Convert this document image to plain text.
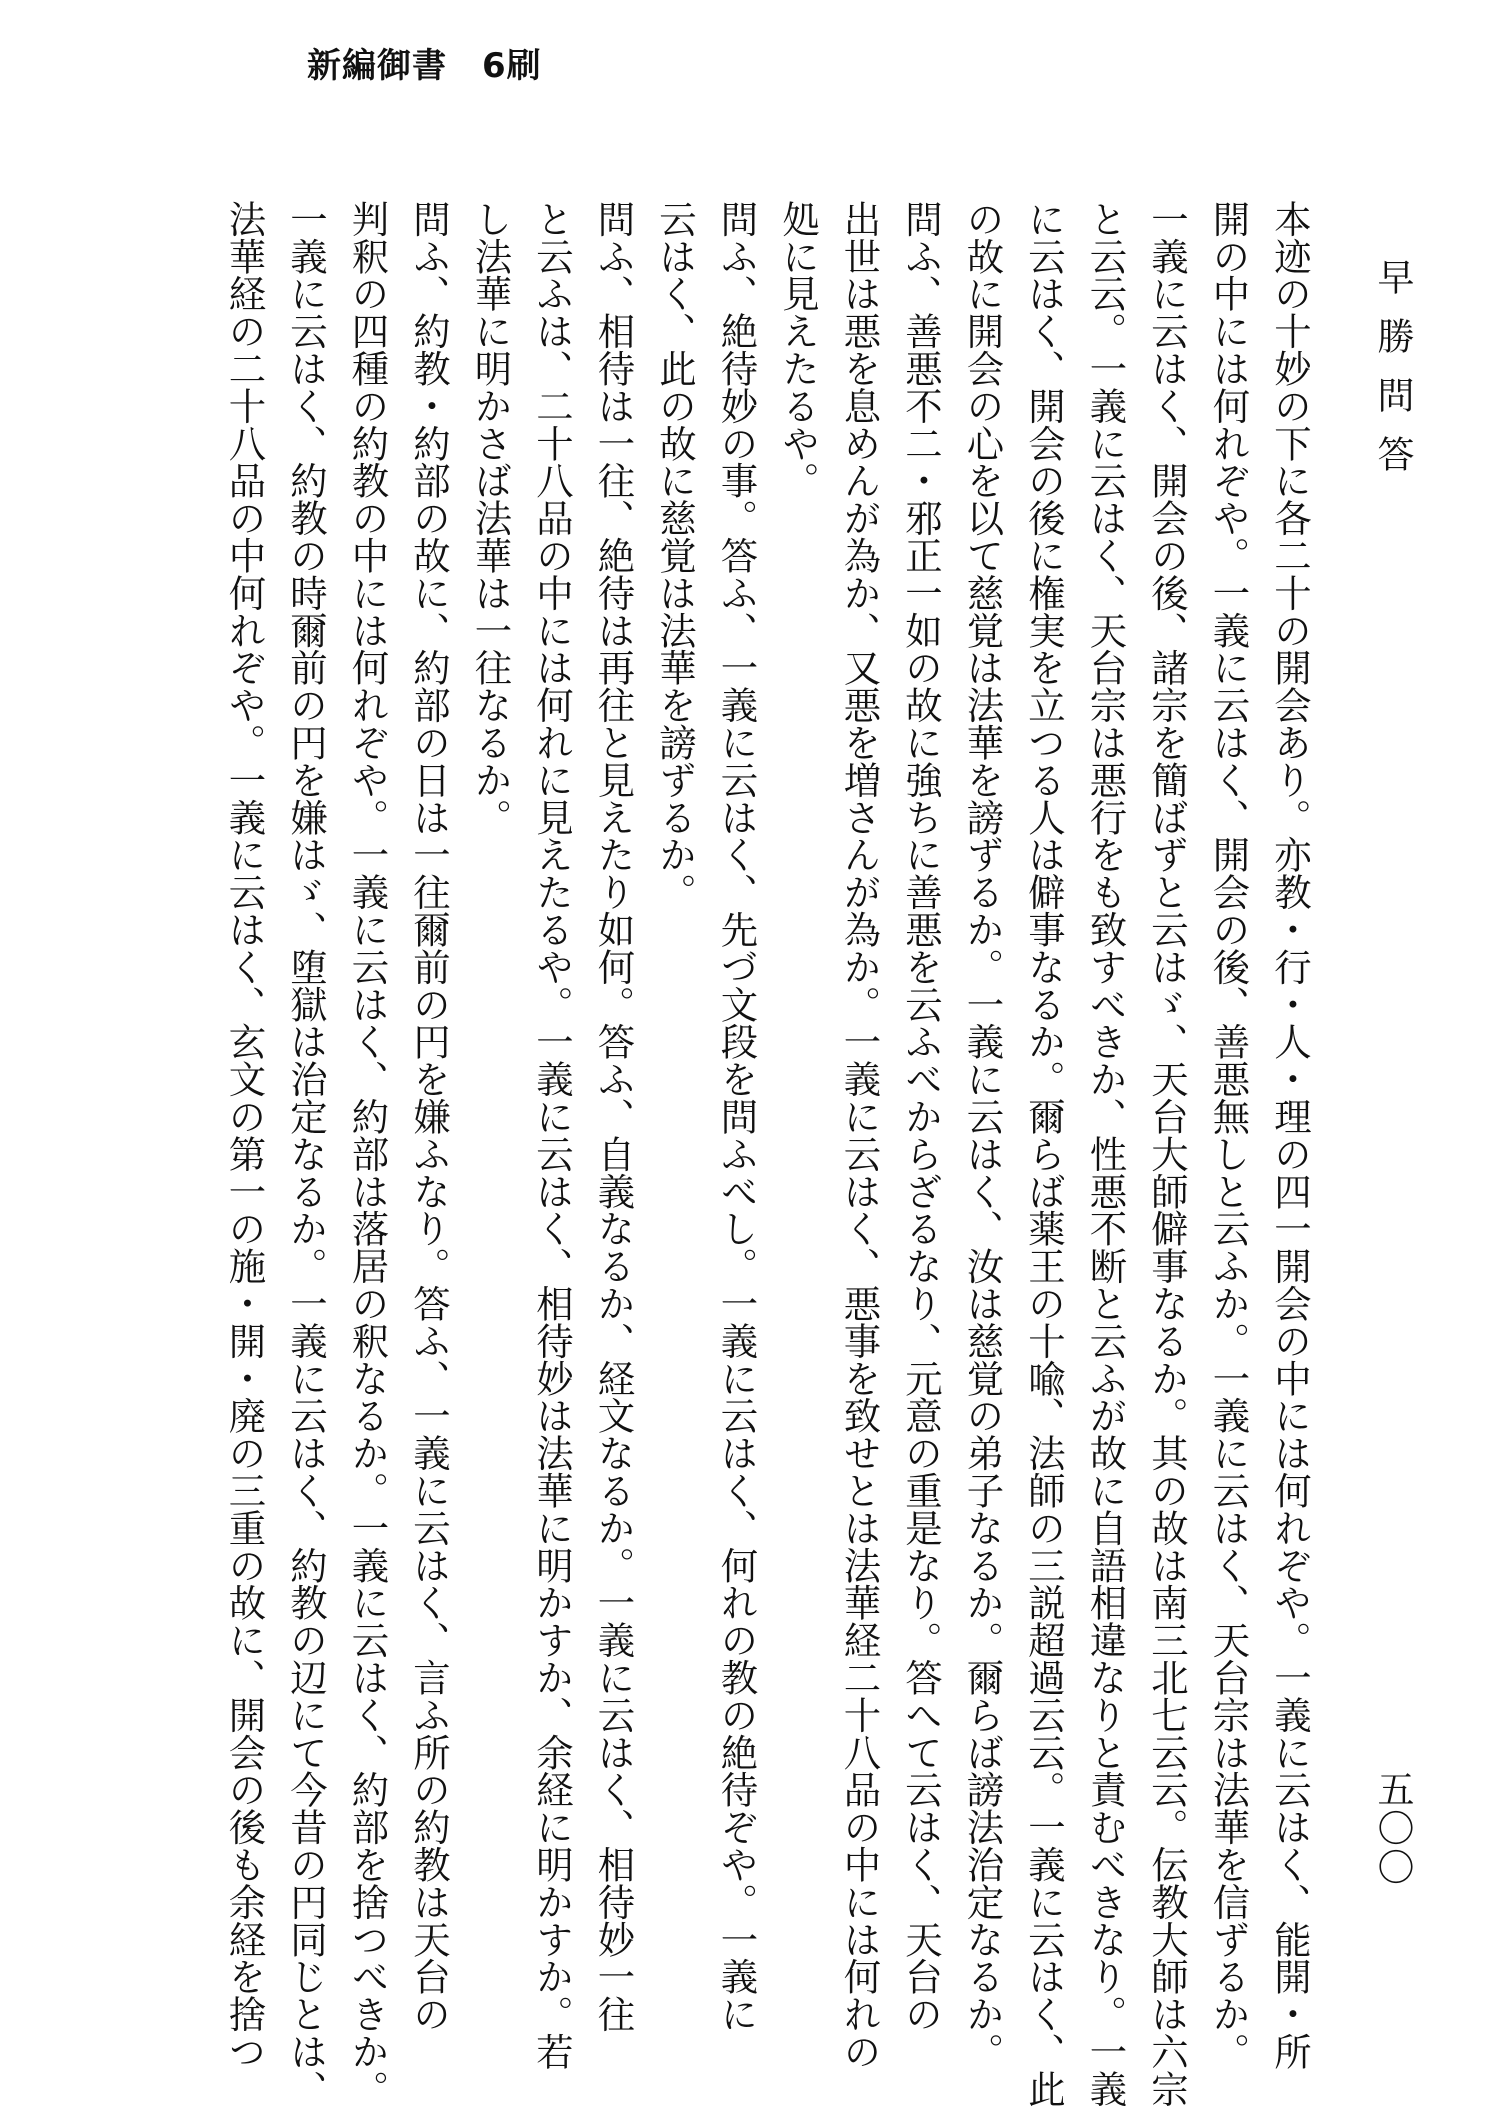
新編御書　6刷
早勝問答
五〇〇
本迹の十妙の下に各二十の開会あり。亦教・行・人・理の四一開会の中には何れぞや。一義に云はく、能開・所
開の中には何れぞや。一義に云はく、開会の後、善悪無しと云ふか。一義に云はく、天台宗は法華を信ずるか。
一義に云はく、開会の後、諸宗を簡ばずと云はゞ、天台大師僻事なるか。其の故は南三北七云云。伝教大師は六宗
と云云。一義に云はく、天台宗は悪行をも致すべきか、性悪不断と云ふが故に自語相違なりと責むべきなり。一義
に云はく、開会の後に権実を立つる人は僻事なるか。爾らば薬王の十喩、法師の三説超過云云。一義に云はく、此
の故に開会の心を以て慈覚は法華を謗ずるか。一義に云はく、汝は慈覚の弟子なるか。爾らば謗法治定なるか。
問ふ、善悪不二・邪正一如の故に強ちに善悪を云ふべからざるなり、元意の重是なり。答へて云はく、天台の
出世は悪を息めんが為か、又悪を増さんが為か。一義に云はく、悪事を致せとは法華経二十八品の中には何れの
処に見えたるや。
問ふ、絶待妙の事。答ふ、一義に云はく、先づ文段を問ふべし。一義に云はく、何れの教の絶待ぞや。一義に
云はく、此の故に慈覚は法華を謗ずるか。
問ふ、相待は一往、絶待は再往と見えたり如何。答ふ、自義なるか、経文なるか。一義に云はく、相待妙一往
と云ふは、二十八品の中には何れに見えたるや。一義に云はく、相待妙は法華に明かすか、余経に明かすか。若
し法華に明かさば法華は一往なるか。
問ふ、約教・約部の故に、約部の日は一往爾前の円を嫌ふなり。答ふ、一義に云はく、言ふ所の約教は天台の
判釈の四種の約教の中には何れぞや。一義に云はく、約部は落居の釈なるか。一義に云はく、約部を捨つべきか。
一義に云はく、約教の時爾前の円を嫌はゞ、堕獄は治定なるか。一義に云はく、約教の辺にて今昔の円同じとは、
法華経の二十八品の中何れぞや。一義に云はく、玄文の第一の施・開・廃の三重の故に、開会の後も余経を捨つ
